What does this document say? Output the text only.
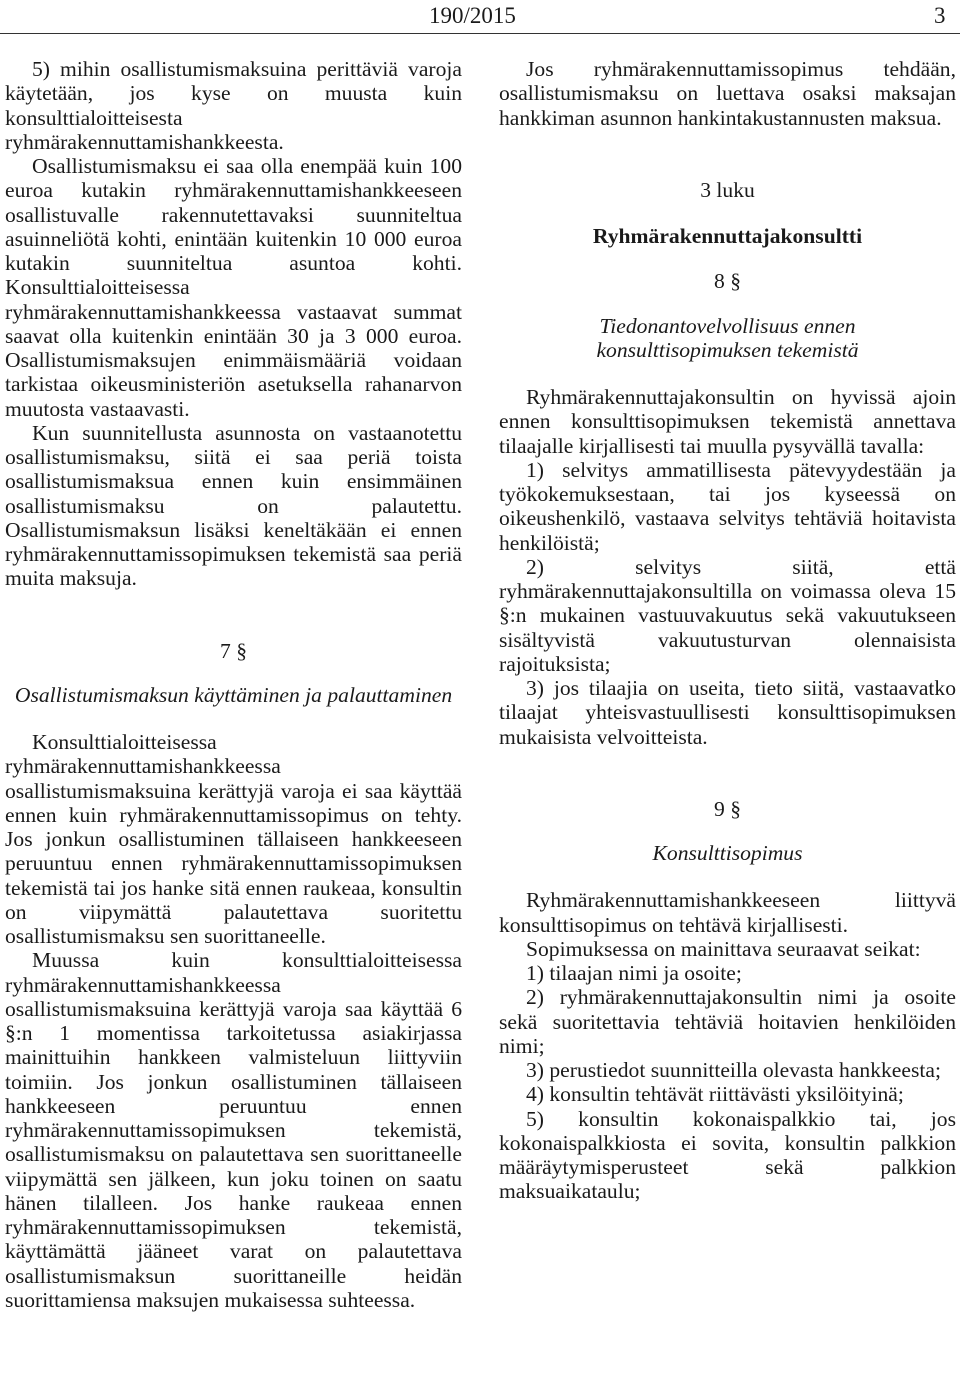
190/2015	3

5) mihin osallistumismaksuina perittäviä varoja käytetään, jos kyse on muusta kuin konsulttialoitteisesta ryhmärakennuttamishankkeesta.

Osallistumismaksu ei saa olla enempää kuin 100 euroa kutakin ryhmärakennuttamishankkeeseen osallistuvalle rakennutettavaksi suunniteltua asuinneliötä kohti, enintään kuitenkin 10 000 euroa kutakin suunniteltua asuntoa kohti. Konsulttialoitteisessa ryhmärakennuttamishankkeessa vastaavat summat saavat olla kuitenkin enintään 30 ja 3 000 euroa. Osallistumismaksujen enimmäismääriä voidaan tarkistaa oikeusministeriön asetuksella rahanarvon muutosta vastaavasti.

Kun suunnitellusta asunnosta on vastaanotettu osallistumismaksu, siitä ei saa periä toista osallistumismaksua ennen kuin ensimmäinen osallistumismaksu on palautettu. Osallistumismaksun lisäksi keneltäkään ei ennen ryhmärakennuttamissopimuksen tekemistä saa periä muita maksuja.

7 §

Osallistumismaksun käyttäminen ja palauttaminen

Konsulttialoitteisessa ryhmärakennuttamishankkeessa osallistumismaksuina kerättyjä varoja ei saa käyttää ennen kuin ryhmärakennuttamissopimus on tehty. Jos jonkun osallistuminen tällaiseen hankkeeseen peruuntuu ennen ryhmärakennuttamissopimuksen tekemistä tai jos hanke sitä ennen raukeaa, konsultin on viipymättä palautettava suoritettu osallistumismaksu sen suorittaneelle.

Muussa kuin konsulttialoitteisessa ryhmärakennuttamishankkeessa osallistumismaksuina kerättyjä varoja saa käyttää 6 §:n 1 momentissa tarkoitetussa asiakirjassa mainittuihin hankkeen valmisteluun liittyviin toimiin. Jos jonkun osallistuminen tällaiseen hankkeeseen peruuntuu ennen ryhmärakennuttamissopimuksen tekemistä, osallistumismaksu on palautettava sen suorittaneelle viipymättä sen jälkeen, kun joku toinen on saatu hänen tilalleen. Jos hanke raukeaa ennen ryhmärakennuttamissopimuksen tekemistä, käyttämättä jääneet varat on palautettava osallistumismaksun suorittaneille heidän suorittamiensa maksujen mukaisessa suhteessa.

Jos ryhmärakennuttamissopimus tehdään, osallistumismaksu on luettava osaksi maksajan hankkiman asunnon hankintakustannusten maksua.

3 luku

Ryhmärakennuttajakonsultti

8 §

Tiedonantovelvollisuus ennen konsulttisopimuksen tekemistä

Ryhmärakennuttajakonsultin on hyvissä ajoin ennen konsulttisopimuksen tekemistä annettava tilaajalle kirjallisesti tai muulla pysyvällä tavalla:

1) selvitys ammatillisesta pätevyydestään ja työkokemuksestaan, tai jos kyseessä on oikeushenkilö, vastaava selvitys tehtäviä hoitavista henkilöistä;

2) selvitys siitä, että ryhmärakennuttajakonsultilla on voimassa oleva 15 §:n mukainen vastuuvakuutus sekä vakuutukseen sisältyvistä vakuutusturvan olennaisista rajoituksista;

3) jos tilaajia on useita, tieto siitä, vastaavatko tilaajat yhteisvastuullisesti konsulttisopimuksen mukaisista velvoitteista.

9 §

Konsulttisopimus

Ryhmärakennuttamishankkeeseen liittyvä konsulttisopimus on tehtävä kirjallisesti.

Sopimuksessa on mainittava seuraavat seikat:

1) tilaajan nimi ja osoite;

2) ryhmärakennuttajakonsultin nimi ja osoite sekä suoritettavia tehtäviä hoitavien henkilöiden nimi;

3) perustiedot suunnitteilla olevasta hankkeesta;

4) konsultin tehtävät riittävästi yksilöityinä;

5) konsultin kokonaispalkkio tai, jos kokonaispalkkiosta ei sovita, konsultin palkkion määräytymisperusteet sekä palkkion maksuaikataulu;
